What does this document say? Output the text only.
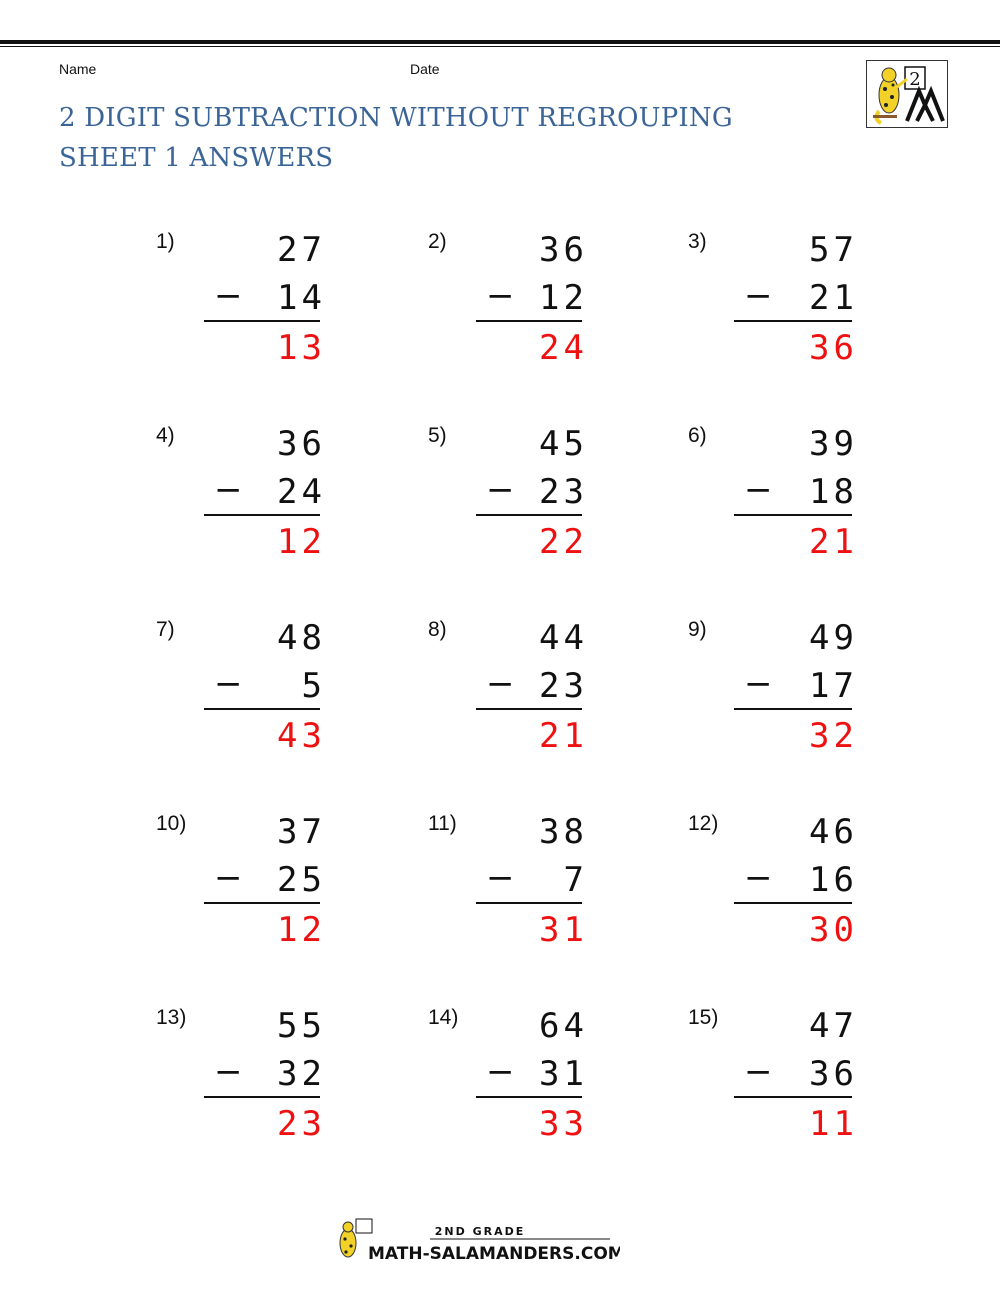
Name	Date
2 DIGIT SUBTRACTION WITHOUT REGROUPING
SHEET 1 ANSWERS
2
1)	27
− 14
13
2)	36
− 12
24
3)	57
− 21
36
4)	36
− 24
12
5)	45
− 23
22
6)	39
− 18
21
7)	48
− 5
43
8)	44
− 23
21
9)	49
− 17
32
10)	37
− 25
12
11) 38
− 7
31
12)	46
− 16
30
13)	55
− 32
23
14) 64
− 31
33
15)	47
− 36
11
2ND GRADE
MATH-SALAMANDERS.COM
